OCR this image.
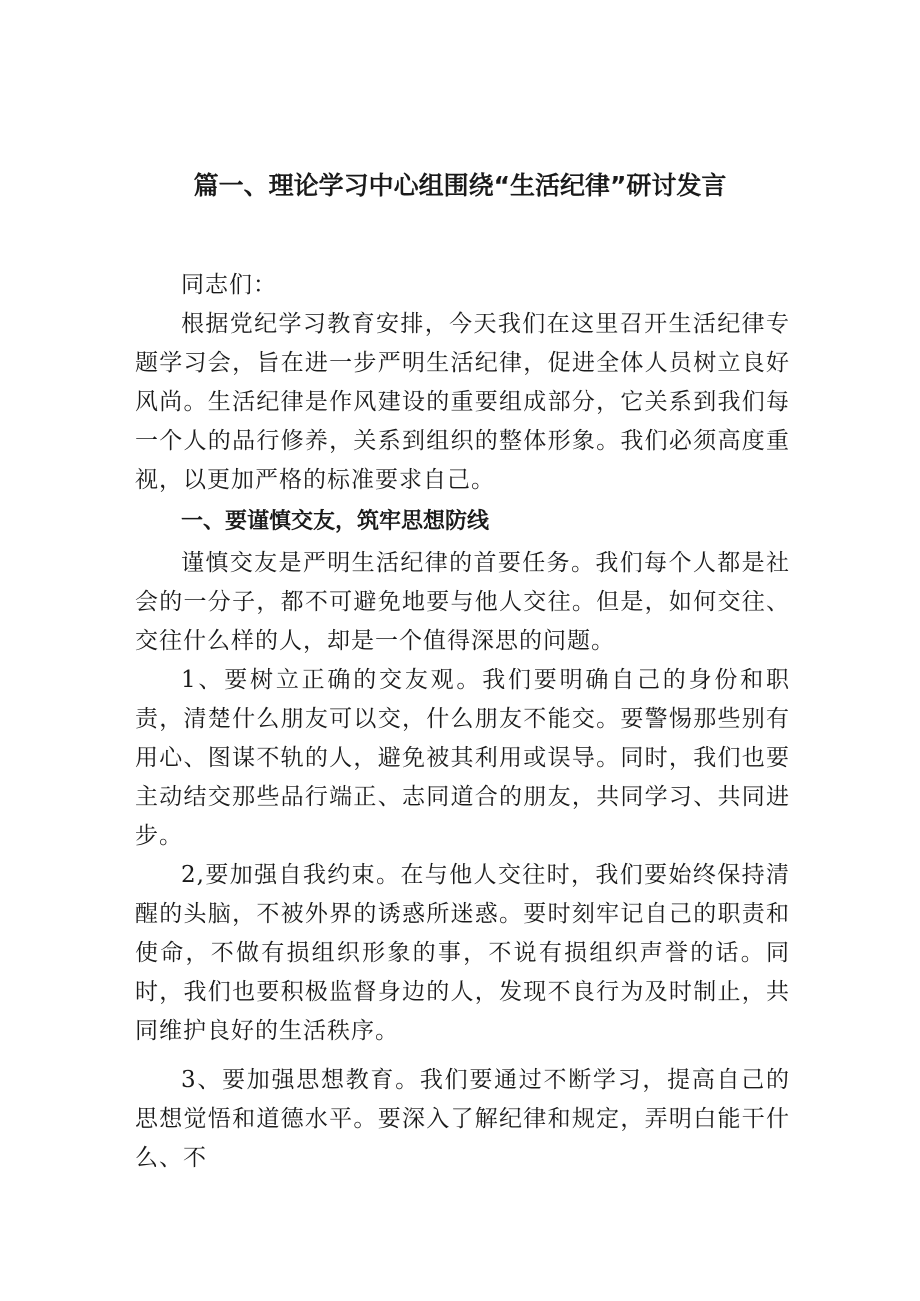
篇一、理论学习中心组围绕“生活纪律”研讨发言

同志们：

根据党纪学习教育安排，今天我们在这里召开生活纪律专题学习会，旨在进一步严明生活纪律，促进全体人员树立良好风尚。生活纪律是作风建设的重要组成部分，它关系到我们每一个人的品行修养，关系到组织的整体形象。我们必须高度重视，以更加严格的标准要求自己。

一、要谨慎交友，筑牢思想防线

谨慎交友是严明生活纪律的首要任务。我们每个人都是社会的一分子，都不可避免地要与他人交往。但是，如何交往、交往什么样的人，却是一个值得深思的问题。

1、要树立正确的交友观。我们要明确自己的身份和职责，清楚什么朋友可以交，什么朋友不能交。要警惕那些别有用心、图谋不轨的人，避免被其利用或误导。同时，我们也要主动结交那些品行端正、志同道合的朋友，共同学习、共同进步。

2,要加强自我约束。在与他人交往时，我们要始终保持清醒的头脑，不被外界的诱惑所迷惑。要时刻牢记自己的职责和使命，不做有损组织形象的事，不说有损组织声誉的话。同时，我们也要积极监督身边的人，发现不良行为及时制止，共同维护良好的生活秩序。

3、要加强思想教育。我们要通过不断学习，提高自己的思想觉悟和道德水平。要深入了解纪律和规定，弄明白能干什么、不
